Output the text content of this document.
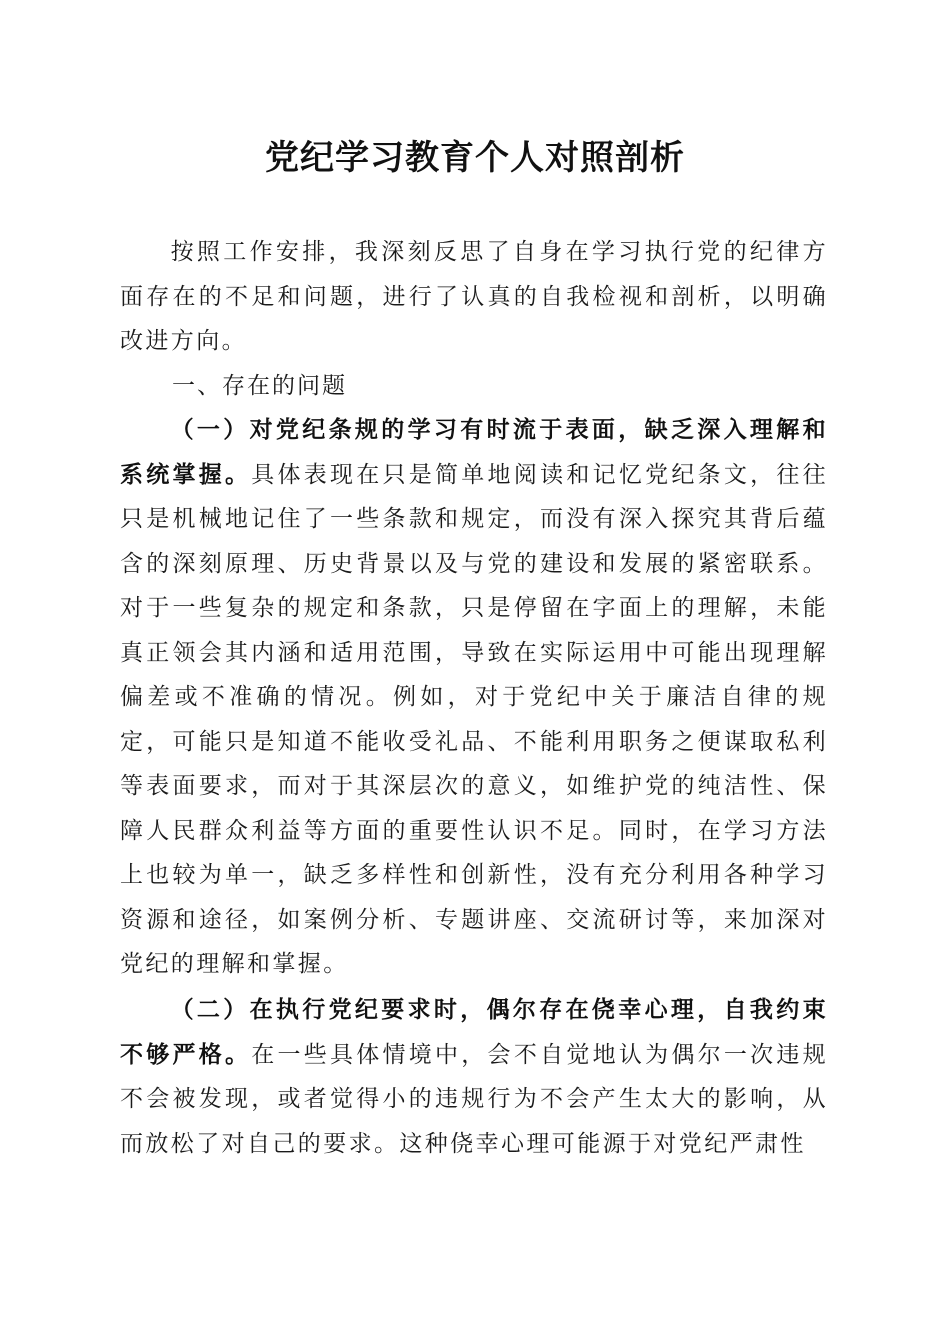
党纪学习教育个人对照剖析

按照工作安排，我深刻反思了自身在学习执行党的纪律方面存在的不足和问题，进行了认真的自我检视和剖析，以明确改进方向。

一、存在的问题

（一）对党纪条规的学习有时流于表面，缺乏深入理解和系统掌握。具体表现在只是简单地阅读和记忆党纪条文，往往只是机械地记住了一些条款和规定，而没有深入探究其背后蕴含的深刻原理、历史背景以及与党的建设和发展的紧密联系。对于一些复杂的规定和条款，只是停留在字面上的理解，未能真正领会其内涵和适用范围，导致在实际运用中可能出现理解偏差或不准确的情况。例如，对于党纪中关于廉洁自律的规定，可能只是知道不能收受礼品、不能利用职务之便谋取私利等表面要求，而对于其深层次的意义，如维护党的纯洁性、保障人民群众利益等方面的重要性认识不足。同时，在学习方法上也较为单一，缺乏多样性和创新性，没有充分利用各种学习资源和途径，如案例分析、专题讲座、交流研讨等，来加深对党纪的理解和掌握。

（二）在执行党纪要求时，偶尔存在侥幸心理，自我约束不够严格。在一些具体情境中，会不自觉地认为偶尔一次违规不会被发现，或者觉得小的违规行为不会产生太大的影响，从而放松了对自己的要求。这种侥幸心理可能源于对党纪严肃性
